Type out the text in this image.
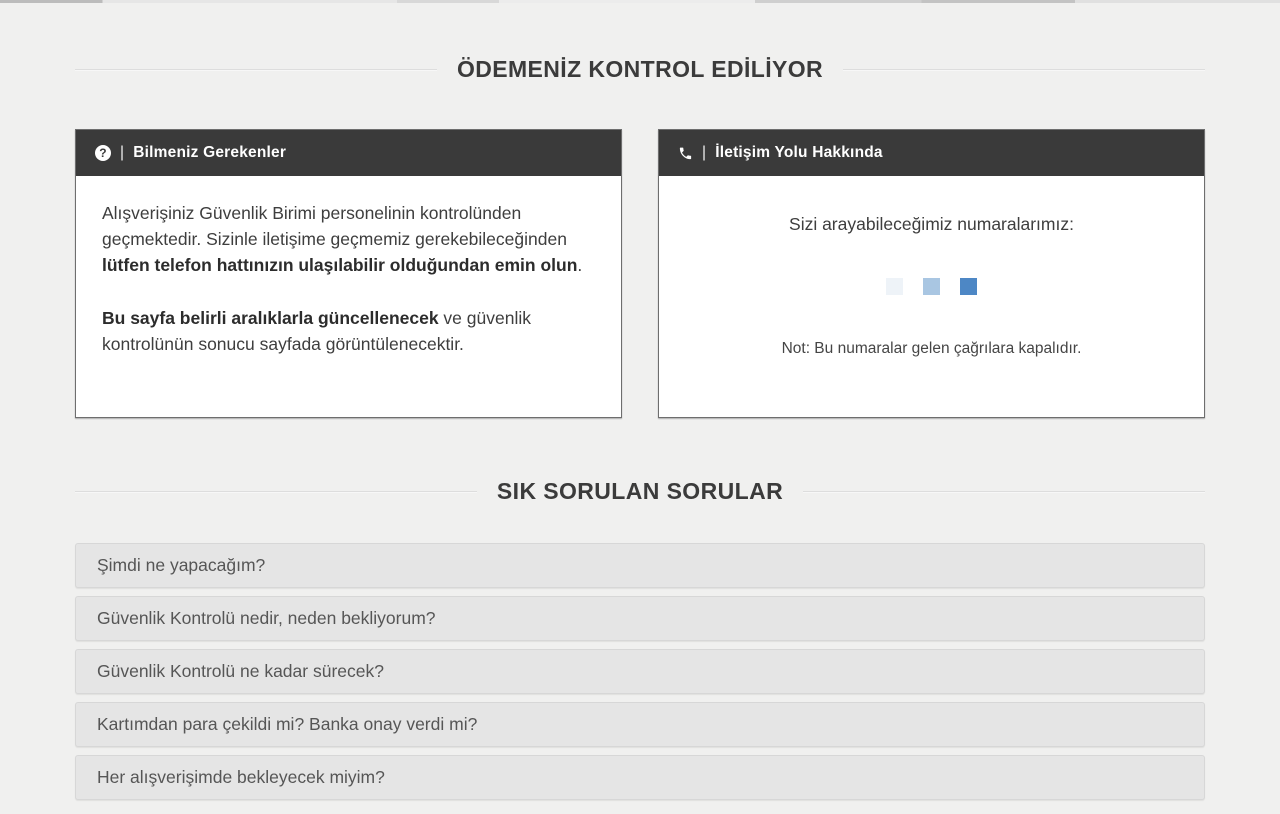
ÖDEMENİZ KONTROL EDİLİYOR
? | Bilmeniz Gerekenler

Alışverişiniz Güvenlik Birimi personelinin kontrolünden geçmektedir. Sizinle iletişime geçmemiz gerekebileceğinden lütfen telefon hattınızın ulaşılabilir olduğundan emin olun.

Bu sayfa belirli aralıklarla güncellenecek ve güvenlik kontrolünün sonucu sayfada görüntülenecektir.

| İletişim Yolu Hakkında
Sizi arayabileceğimiz numaralarımız:
Not: Bu numaralar gelen çağrılara kapalıdır.
SIK SORULAN SORULAR
Şimdi ne yapacağım?
Güvenlik Kontrolü nedir, neden bekliyorum?
Güvenlik Kontrolü ne kadar sürecek?
Kartımdan para çekildi mi? Banka onay verdi mi?
Her alışverişimde bekleyecek miyim?
